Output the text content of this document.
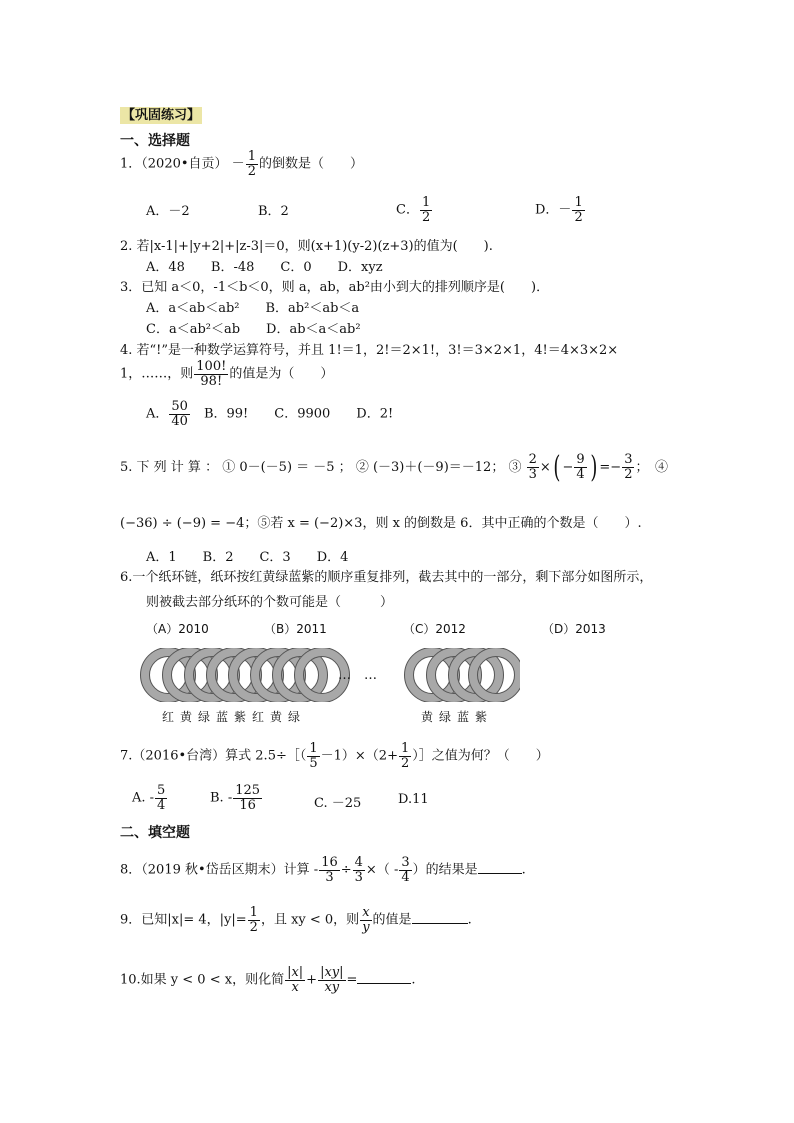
【巩固练习】
一、选择题
1．（2020•自贡） － $\frac{1}{2}$ 的倒数是（　　）
A．－2	B．2	C． $\frac{1}{2}$	D．－ $\frac{1}{2}$
2. 若|x-1|+|y+2|+|z-3|＝0，则(x+1)(y-2)(z+3)的值为(　　).
A．48　　B．-48　　C．0　　D．xyz
3．已知 a＜0，-1＜b＜0，则 a，ab，ab²由小到大的排列顺序是(　　)．
A．a＜ab＜ab²　　B．ab²＜ab＜a
C．a＜ab²＜ab　　D．ab＜a＜ab²
4. 若“!”是一种数学运算符号，并且 1!＝1，2!＝2×1!，3!＝3×2×1，4!＝4×3×2×
1，……，则 $\frac{100!}{98!}$ 的值是为（　　）
A． $\frac{50}{40}$ 　B．99!　　C．9900　　D．2!
5. 下 列 计 算 ： ① 0－(－5) ＝ －5 ； ② (－3)＋(－9)＝－12； ③ $\frac{2}{3}$ ×( − $\frac{9}{4}$ ) =− $\frac{3}{2}$ ；　④
(−36) ÷ (−9) = −4；⑤若 x = (−2)×3，则 x 的倒数是 6．其中正确的个数是（　　）.
A．1　　B．2　　C．3　　D．4
6.一个纸环链，纸环按红黄绿蓝紫的顺序重复排列，截去其中的一部分，剩下部分如图所示，
则被截去部分纸环的个数可能是（　　　）
（A）2010	（B）2011	（C）2012	（D）2013
…　…
红黄绿蓝紫红黄绿	黄绿蓝紫
7.（2016•台湾）算式 2.5÷［（ $\frac{1}{5} -1)\times(2+ \frac{1}{2}$ ）］之值为何？（　　）
A. - $\frac{5}{4}$	B. - $\frac{125}{16}$	C. －25	D.11
二、填空题
8．（2019 秋•岱岳区期末）计算 - $\frac{16}{3} \div \frac{4}{3}$ ×（ - $\frac{3}{4}$ ）的结果是	.
9．已知|x|= 4，$|y|= \frac{1}{2}$ ，且 xy < 0，则 $\frac{x}{y}$ 的值是	.
10.如果 y < 0 < x，则化简 $\frac{|x|}{x} + \frac{|xy|}{xy}$ =	.
